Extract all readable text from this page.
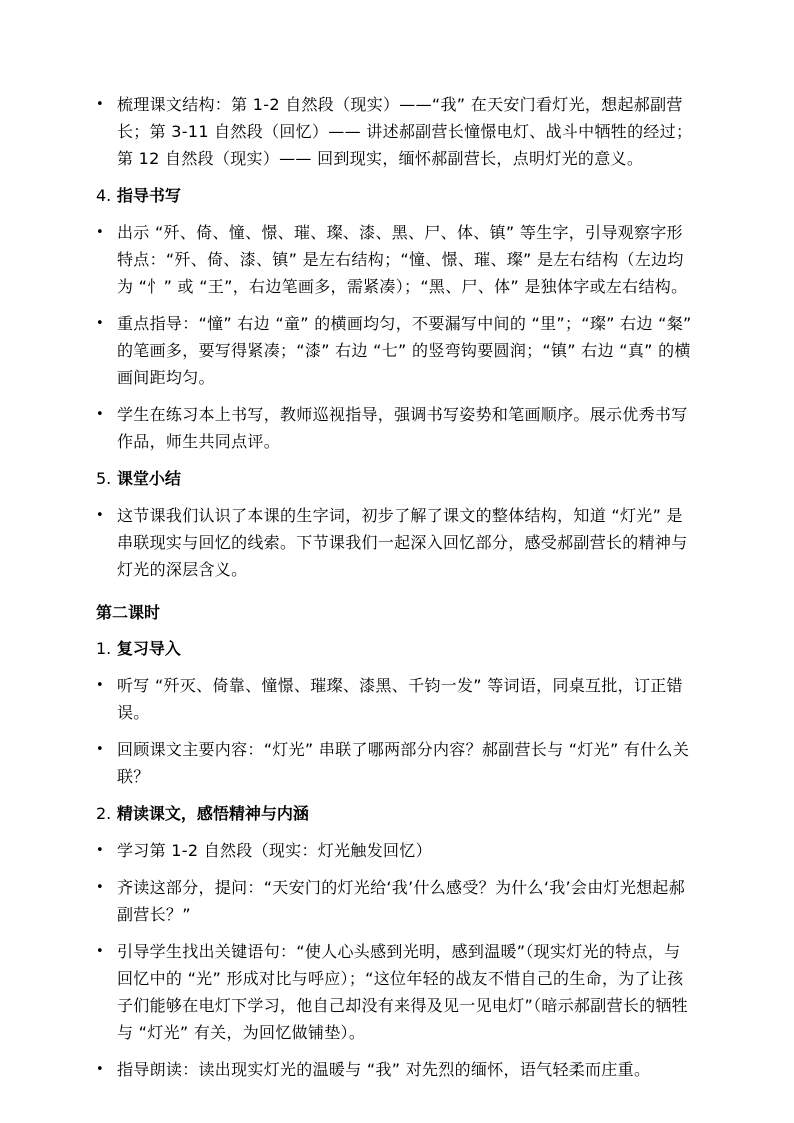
• 梳理课文结构：第 1-2 自然段（现实）——“我” 在天安门看灯光，想起郝副营长；第 3-11 自然段（回忆）—— 讲述郝副营长憧憬电灯、战斗中牺牲的经过；第 12 自然段（现实）—— 回到现实，缅怀郝副营长，点明灯光的意义。
4. 指导书写
• 出示 “歼、倚、憧、憬、璀、璨、漆、黑、尸、体、镇” 等生字，引导观察字形特点：“歼、倚、漆、镇” 是左右结构；“憧、憬、璀、璨” 是左右结构（左边均为 “忄” 或 “王”，右边笔画多，需紧凑）；“黑、尸、体” 是独体字或左右结构。
• 重点指导：“憧” 右边 “童” 的横画均匀，不要漏写中间的 “里”；“璨” 右边 “粲” 的笔画多，要写得紧凑；“漆” 右边 “七” 的竖弯钩要圆润；“镇” 右边 “真” 的横画间距均匀。
• 学生在练习本上书写，教师巡视指导，强调书写姿势和笔画顺序。展示优秀书写作品，师生共同点评。
5. 课堂小结
• 这节课我们认识了本课的生字词，初步了解了课文的整体结构，知道 “灯光” 是串联现实与回忆的线索。下节课我们一起深入回忆部分，感受郝副营长的精神与灯光的深层含义。
第二课时
1. 复习导入
• 听写 “歼灭、倚靠、憧憬、璀璨、漆黑、千钧一发” 等词语，同桌互批，订正错误。
• 回顾课文主要内容：“灯光” 串联了哪两部分内容？郝副营长与 “灯光” 有什么关联？
2. 精读课文，感悟精神与内涵
• 学习第 1-2 自然段（现实：灯光触发回忆）
• 齐读这部分，提问：“天安门的灯光给‘我’什么感受？为什么‘我’会由灯光想起郝副营长？”
• 引导学生找出关键语句：“使人心头感到光明，感到温暖”（现实灯光的特点，与回忆中的 “光” 形成对比与呼应）；“这位年轻的战友不惜自己的生命，为了让孩子们能够在电灯下学习，他自己却没有来得及见一见电灯”（暗示郝副营长的牺牲与 “灯光” 有关，为回忆做铺垫）。
• 指导朗读：读出现实灯光的温暖与 “我” 对先烈的缅怀，语气轻柔而庄重。
